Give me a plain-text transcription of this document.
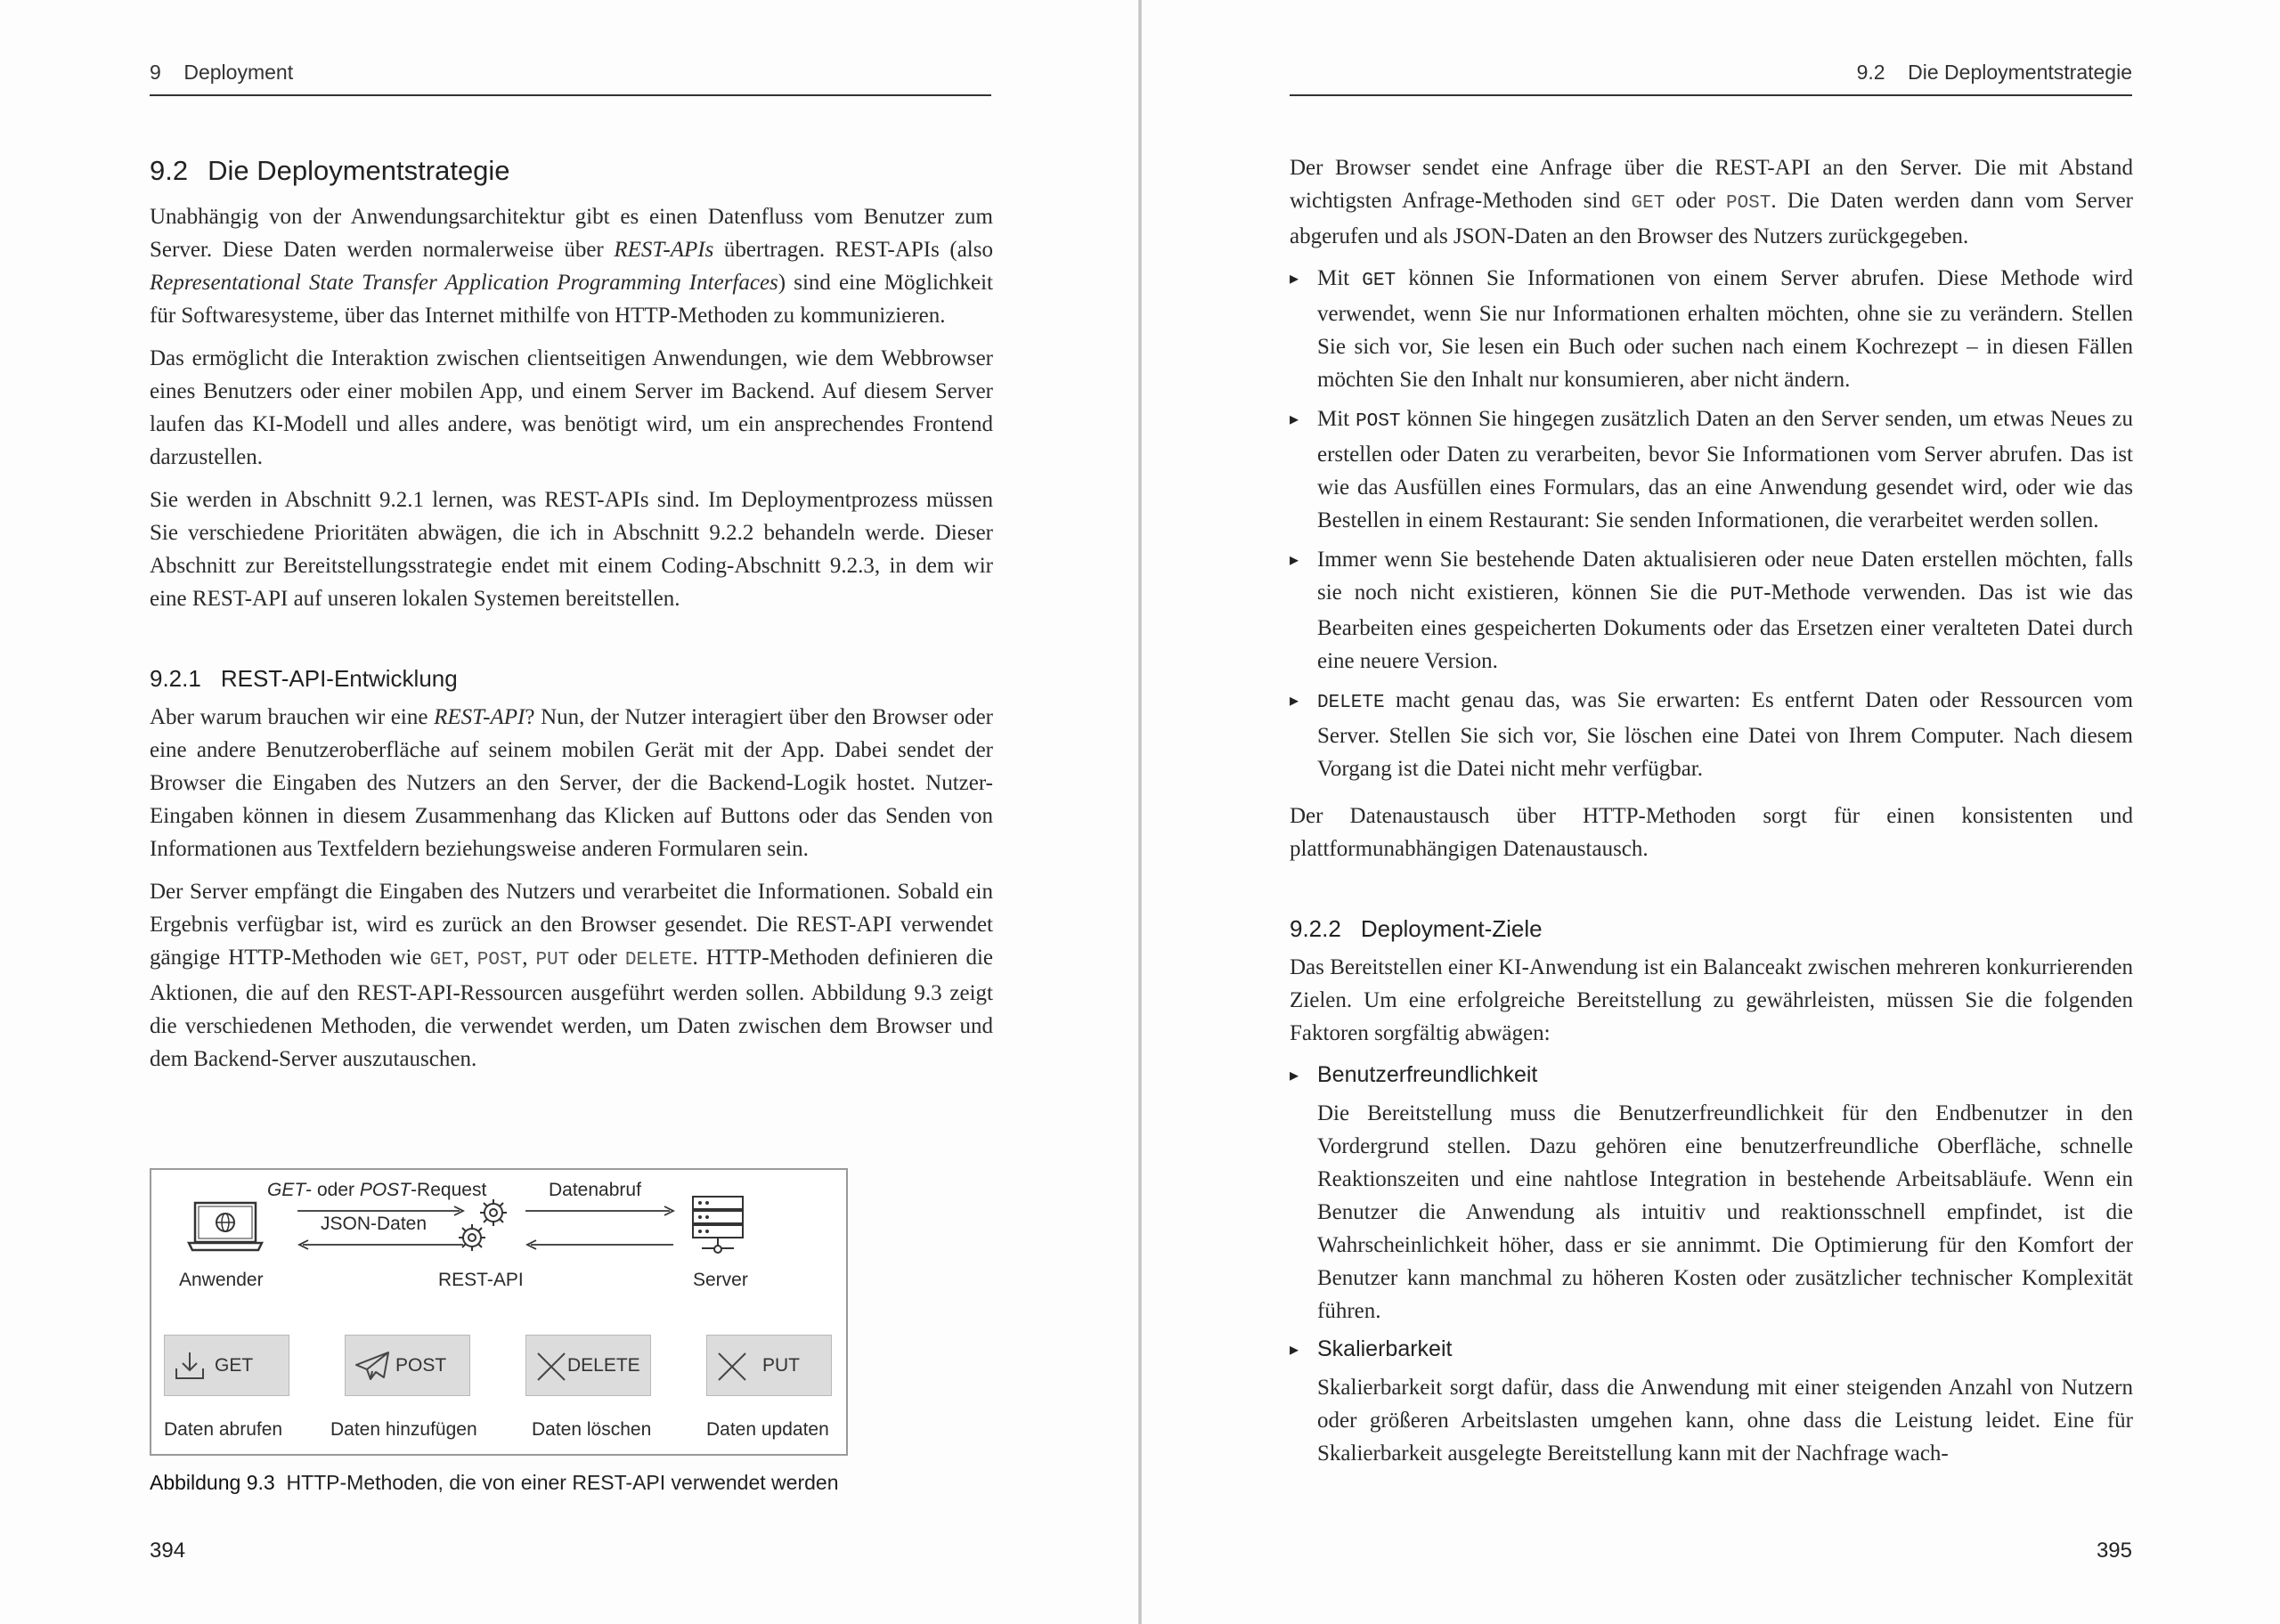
9 Deployment
9.2 Die Deploymentstrategie

Unabhängig von der Anwendungsarchitektur gibt es einen Datenfluss vom Benutzer zum Server. Diese Daten werden normalerweise über REST-APIs übertragen. REST-APIs (also Representational State Transfer Application Programming Interfaces) sind eine Möglichkeit für Softwaresysteme, über das Internet mithilfe von HTTP-Methoden zu kommunizieren.

Das ermöglicht die Interaktion zwischen clientseitigen Anwendungen, wie dem Webbrowser eines Benutzers oder einer mobilen App, und einem Server im Backend. Auf diesem Server laufen das KI-Modell und alles andere, was benötigt wird, um ein ansprechendes Frontend darzustellen.

Sie werden in Abschnitt 9.2.1 lernen, was REST-APIs sind. Im Deploymentprozess müssen Sie verschiedene Prioritäten abwägen, die ich in Abschnitt 9.2.2 behandeln werde. Dieser Abschnitt zur Bereitstellungsstrategie endet mit einem Coding-Abschnitt 9.2.3, in dem wir eine REST-API auf unseren lokalen Systemen bereitstellen.

9.2.1 REST-API-Entwicklung

Aber warum brauchen wir eine REST-API? Nun, der Nutzer interagiert über den Browser oder eine andere Benutzeroberfläche auf seinem mobilen Gerät mit der App. Dabei sendet der Browser die Eingaben des Nutzers an den Server, der die Backend-Logik hostet. Nutzer-Eingaben können in diesem Zusammenhang das Klicken auf Buttons oder das Senden von Informationen aus Textfeldern beziehungsweise anderen Formularen sein.

Der Server empfängt die Eingaben des Nutzers und verarbeitet die Informationen. Sobald ein Ergebnis verfügbar ist, wird es zurück an den Browser gesendet. Die REST-API verwendet gängige HTTP-Methoden wie GET, POST, PUT oder DELETE. HTTP-Methoden definieren die Aktionen, die auf den REST-API-Ressourcen ausgeführt werden sollen. Abbildung 9.3 zeigt die verschiedenen Methoden, die verwendet werden, um Daten zwischen dem Browser und dem Backend-Server auszutauschen.

Anwender
GET- oder POST-Request
JSON-Daten
REST-API
Datenabruf
Server
GET	POST	DELETE	PUT
Daten abrufen	Daten hinzufügen	Daten löschen	Daten updaten
Abbildung 9.3 HTTP-Methoden, die von einer REST-API verwendet werden
394
9.2 Die Deploymentstrategie

Der Browser sendet eine Anfrage über die REST-API an den Server. Die mit Abstand wichtigsten Anfrage-Methoden sind GET oder POST. Die Daten werden dann vom Server abgerufen und als JSON-Daten an den Browser des Nutzers zurückgegeben.

▸ Mit GET können Sie Informationen von einem Server abrufen. Diese Methode wird verwendet, wenn Sie nur Informationen erhalten möchten, ohne sie zu verändern. Stellen Sie sich vor, Sie lesen ein Buch oder suchen nach einem Kochrezept – in diesen Fällen möchten Sie den Inhalt nur konsumieren, aber nicht ändern.
▸ Mit POST können Sie hingegen zusätzlich Daten an den Server senden, um etwas Neues zu erstellen oder Daten zu verarbeiten, bevor Sie Informationen vom Server abrufen. Das ist wie das Ausfüllen eines Formulars, das an eine Anwendung gesendet wird, oder wie das Bestellen in einem Restaurant: Sie senden Informationen, die verarbeitet werden sollen.
▸ Immer wenn Sie bestehende Daten aktualisieren oder neue Daten erstellen möchten, falls sie noch nicht existieren, können Sie die PUT-Methode verwenden. Das ist wie das Bearbeiten eines gespeicherten Dokuments oder das Ersetzen einer veralteten Datei durch eine neuere Version.
▸ DELETE macht genau das, was Sie erwarten: Es entfernt Daten oder Ressourcen vom Server. Stellen Sie sich vor, Sie löschen eine Datei von Ihrem Computer. Nach diesem Vorgang ist die Datei nicht mehr verfügbar.

Der Datenaustausch über HTTP-Methoden sorgt für einen konsistenten und plattformunabhängigen Datenaustausch.

9.2.2 Deployment-Ziele

Das Bereitstellen einer KI-Anwendung ist ein Balanceakt zwischen mehreren konkurrierenden Zielen. Um eine erfolgreiche Bereitstellung zu gewährleisten, müssen Sie die folgenden Faktoren sorgfältig abwägen:

▸ Benutzerfreundlichkeit

Die Bereitstellung muss die Benutzerfreundlichkeit für den Endbenutzer in den Vordergrund stellen. Dazu gehören eine benutzerfreundliche Oberfläche, schnelle Reaktionszeiten und eine nahtlose Integration in bestehende Arbeitsabläufe. Wenn ein Benutzer die Anwendung als intuitiv und reaktionsschnell empfindet, ist die Wahrscheinlichkeit höher, dass er sie annimmt. Die Optimierung für den Komfort der Benutzer kann manchmal zu höheren Kosten oder zusätzlicher technischer Komplexität führen.

▸ Skalierbarkeit

Skalierbarkeit sorgt dafür, dass die Anwendung mit einer steigenden Anzahl von Nutzern oder größeren Arbeitslasten umgehen kann, ohne dass die Leistung leidet. Eine für Skalierbarkeit ausgelegte Bereitstellung kann mit der Nachfrage wach-

395
